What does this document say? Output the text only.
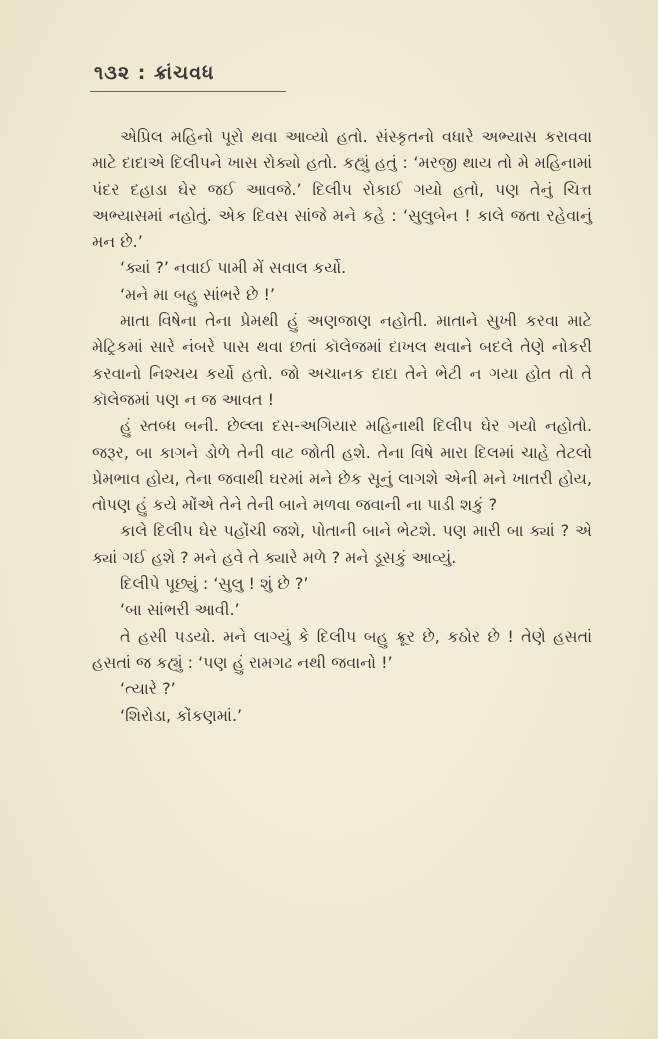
૧૩૨ : ક્રાંચવધ

એપ્રિલ મહિનો પૂરો થવા આવ્યો હતો. સંસ્કૃતનો વધારે અભ્યાસ કરાવવા માટે દાદાએ દિલીપને ખાસ રોક્યો હતો. કહ્યું હતું : ‘મરજી થાય તો મે મહિનામાં પંદર દહાડા ઘેર જઈ આવજે.’ દિલીપ રોકાઈ ગયો હતો, પણ તેનું ચિત્ત અભ્યાસમાં નહોતું. એક દિવસ સાંજે મને કહે : ‘સુલુબેન ! કાલે જતા રહેવાનું મન છે.’

‘ક્યાં ?’ નવાઈ પામી મેં સવાલ કર્યો.

‘મને મા બહુ સાંભરે છે !’

માતા વિષેના તેના પ્રેમથી હું અણજાણ નહોતી. માતાને સુખી કરવા માટે મેટ્રિકમાં સારે નંબરે પાસ થવા છતાં કૉલેજમાં દાખલ થવાને બદલે તેણે નોકરી કરવાનો નિશ્ચય કર્યો હતો. જો અચાનક દાદા તેને ભેટી ન ગયા હોત તો તે કૉલેજમાં પણ ન જ આવત !

હું સ્તબ્ધ બની. છેલ્લા દસ-અગિયાર મહિનાથી દિલીપ ઘેર ગયો નહોતો. જરૂર, બા કાગને ડોળે તેની વાટ જોતી હશે. તેના વિષે મારા દિલમાં ચાહે તેટલો પ્રેમભાવ હોય, તેના જવાથી ઘરમાં મને છેક સૂનું લાગશે એની મને ખાતરી હોય, તોપણ હું કયે મોંએ તેને તેની બાને મળવા જવાની ના પાડી શકું ?

કાલે દિલીપ ઘેર પહોંચી જશે, પોતાની બાને ભેટશે. પણ મારી બા ક્યાં ? એ ક્યાં ગઈ હશે ? મને હવે તે ક્યારે મળે ? મને ડૂસકું આવ્યું.

દિલીપે પૂછ્યું : ‘સુલુ ! શું છે ?’

‘બા સાંભરી આવી.’

તે હસી પડયો. મને લાગ્યું કે દિલીપ બહુ ક્રૂર છે, કઠોર છે ! તેણે હસતાં હસતાં જ કહ્યું : ‘પણ હું રામગઢ નથી જવાનો !’

‘ત્યારે ?’

‘શિરોડા, કોંકણમાં.’
